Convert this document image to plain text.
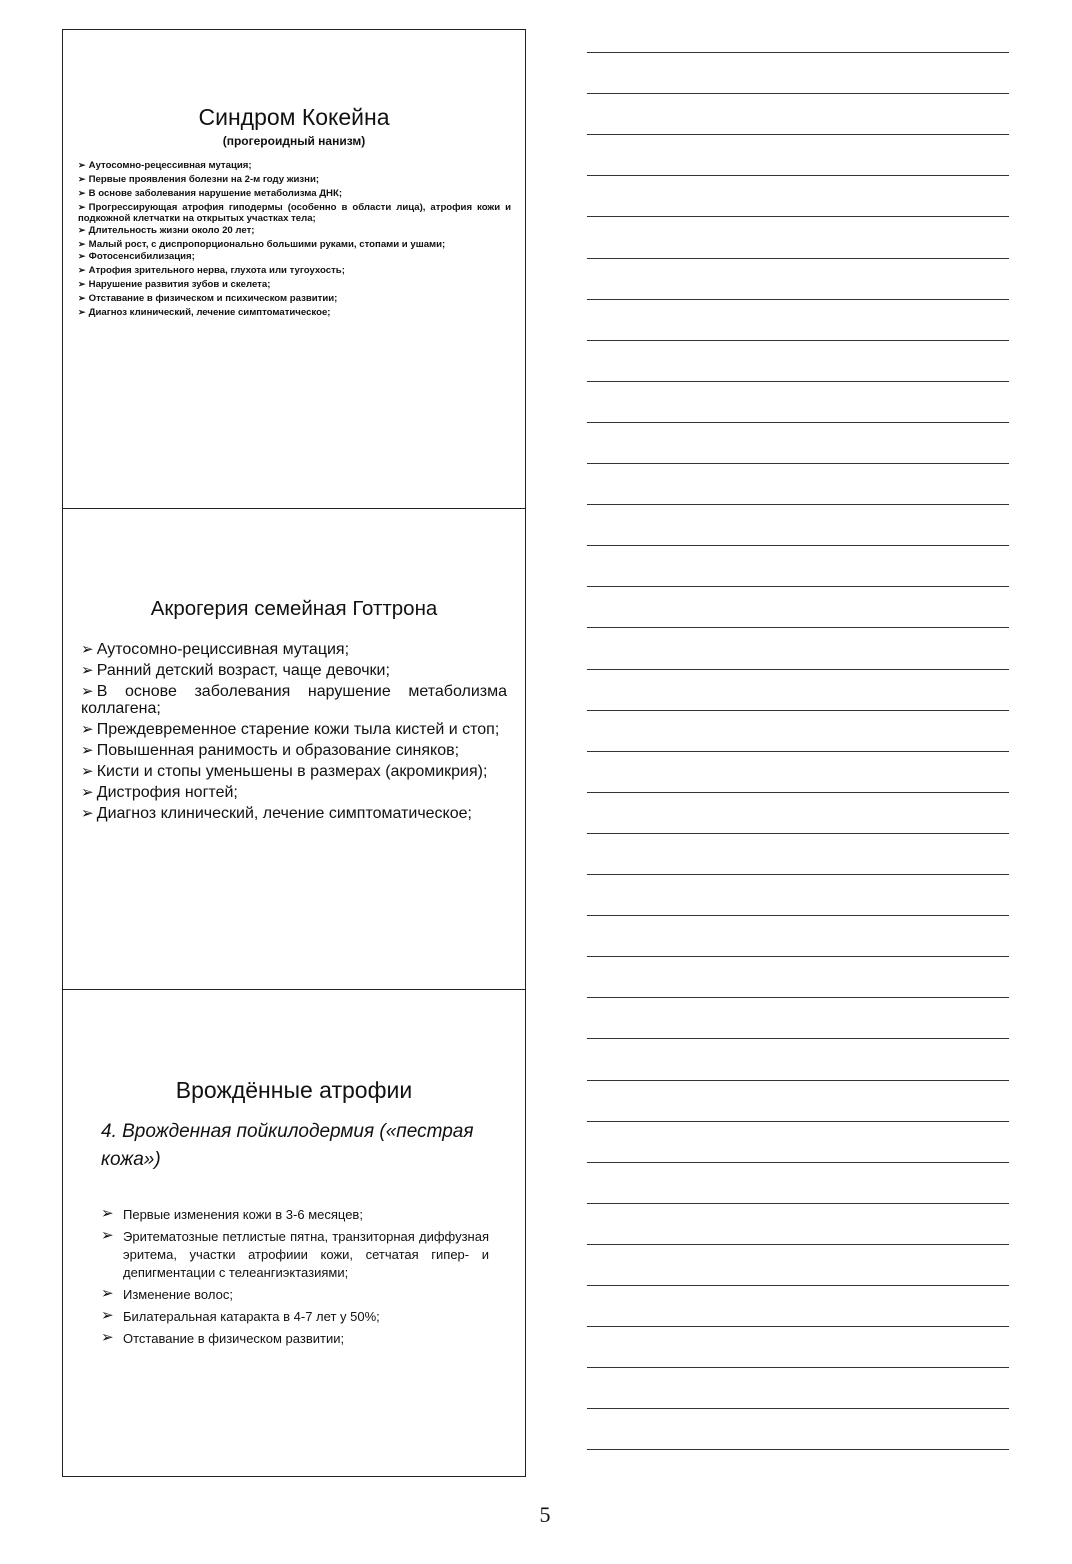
Синдром Кокейна
(прогероидный нанизм)
➢ Аутосомно-рецессивная мутация;
➢ Первые проявления болезни на 2-м году жизни;
➢ В основе заболевания нарушение метаболизма ДНК;
➢ Прогрессирующая атрофия гиподермы (особенно в области лица), атрофия кожи и подкожной клетчатки на открытых участках тела;
➢ Длительность жизни около 20 лет;
➢ Малый рост, с диспропорционально большими руками, стопами и ушами;
➢ Фотосенсибилизация;
➢ Атрофия зрительного нерва, глухота или тугоухость;
➢ Нарушение развития зубов и скелета;
➢ Отставание в физическом и психическом развитии;
➢ Диагноз клинический, лечение симптоматическое;
Акрогерия семейная Готтрона
➢ Аутосомно-рециссивная мутация;
➢ Ранний детский возраст, чаще девочки;
➢ В основе заболевания нарушение метаболизма коллагена;
➢ Преждевременное старение кожи тыла кистей и стоп;
➢ Повышенная ранимость и образование синяков;
➢ Кисти и стопы уменьшены в размерах (акромикрия);
➢ Дистрофия ногтей;
➢ Диагноз клинический, лечение симптоматическое;
Врождённые атрофии
4. Врожденная пойкилодермия («пестрая кожа»)
➢ Первые изменения кожи в 3-6 месяцев;
➢ Эритематозные петлистые пятна, транзиторная диффузная эритема, участки атрофиии кожи, сетчатая гипер- и депигментации с телеангиэктазиями;
➢ Изменение волос;
➢ Билатеральная катаракта в 4-7 лет у 50%;
➢ Отставание в физическом развитии;
5
